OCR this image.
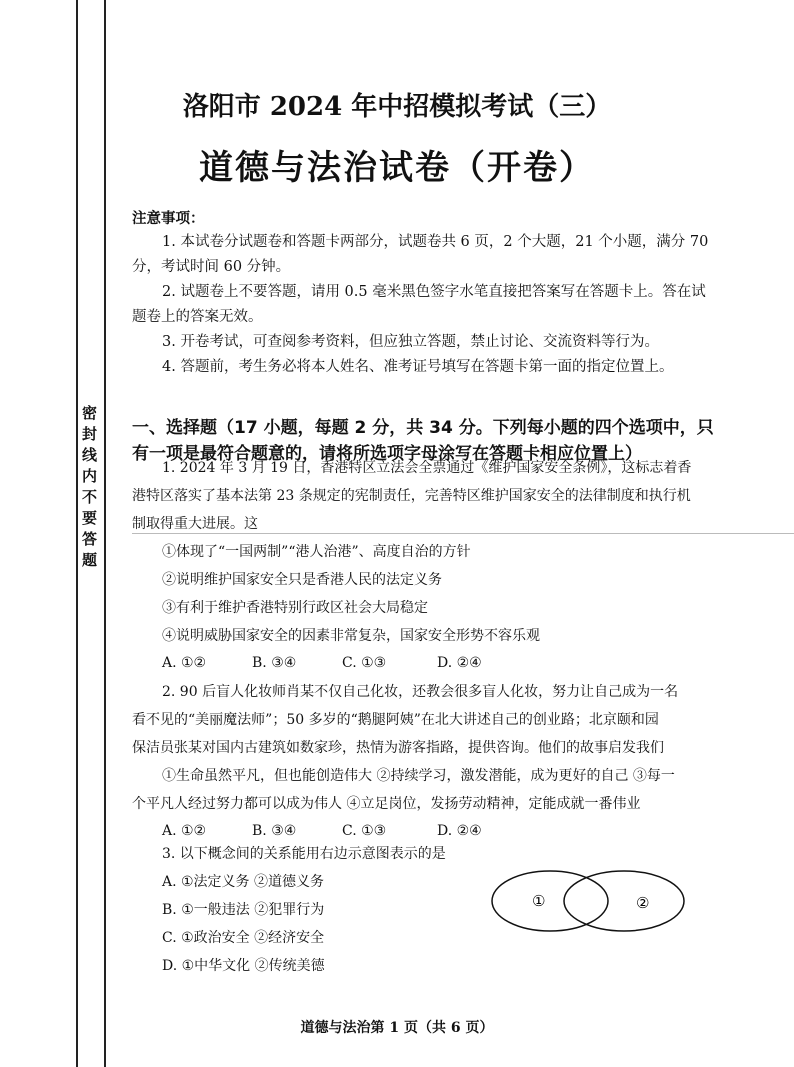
密封线内不要答题
洛阳市 2024 年中招模拟考试（三）
道德与法治试卷（开卷）
注意事项：
1. 本试卷分试题卷和答题卡两部分，试题卷共 6 页，2 个大题，21 个小题，满分 70
分，考试时间 60 分钟。
2. 试题卷上不要答题，请用 0.5 毫米黑色签字水笔直接把答案写在答题卡上。答在试
题卷上的答案无效。
3. 开卷考试，可查阅参考资料，但应独立答题，禁止讨论、交流资料等行为。
4. 答题前，考生务必将本人姓名、准考证号填写在答题卡第一面的指定位置上。
一、选择题（17 小题，每题 2 分，共 34 分。下列每小题的四个选项中，只
有一项是最符合题意的，请将所选项字母涂写在答题卡相应位置上）
1. 2024 年 3 月 19 日，香港特区立法会全票通过《维护国家安全条例》，这标志着香
港特区落实了基本法第 23 条规定的宪制责任，完善特区维护国家安全的法律制度和执行机
制取得重大进展。这
①体现了“一国两制”“港人治港”、高度自治的方针
②说明维护国家安全只是香港人民的法定义务
③有利于维护香港特别行政区社会大局稳定
④说明威胁国家安全的因素非常复杂，国家安全形势不容乐观
A. ①②	B. ③④	C. ①③	D. ②④
2. 90 后盲人化妆师肖某不仅自己化妆，还教会很多盲人化妆，努力让自己成为一名
看不见的“美丽魔法师”；50 多岁的“鹅腿阿姨”在北大讲述自己的创业路；北京颐和园
保洁员张某对国内古建筑如数家珍，热情为游客指路，提供咨询。他们的故事启发我们
①生命虽然平凡，但也能创造伟大 ②持续学习，激发潜能，成为更好的自己 ③每一
个平凡人经过努力都可以成为伟人 ④立足岗位，发扬劳动精神，定能成就一番伟业
A. ①②	B. ③④	C. ①③	D. ②④
3. 以下概念间的关系能用右边示意图表示的是
A. ①法定义务 ②道德义务
B. ①一般违法 ②犯罪行为
C. ①政治安全 ②经济安全
D. ①中华文化 ②传统美德
①	②
道德与法治第 1 页（共 6 页）
